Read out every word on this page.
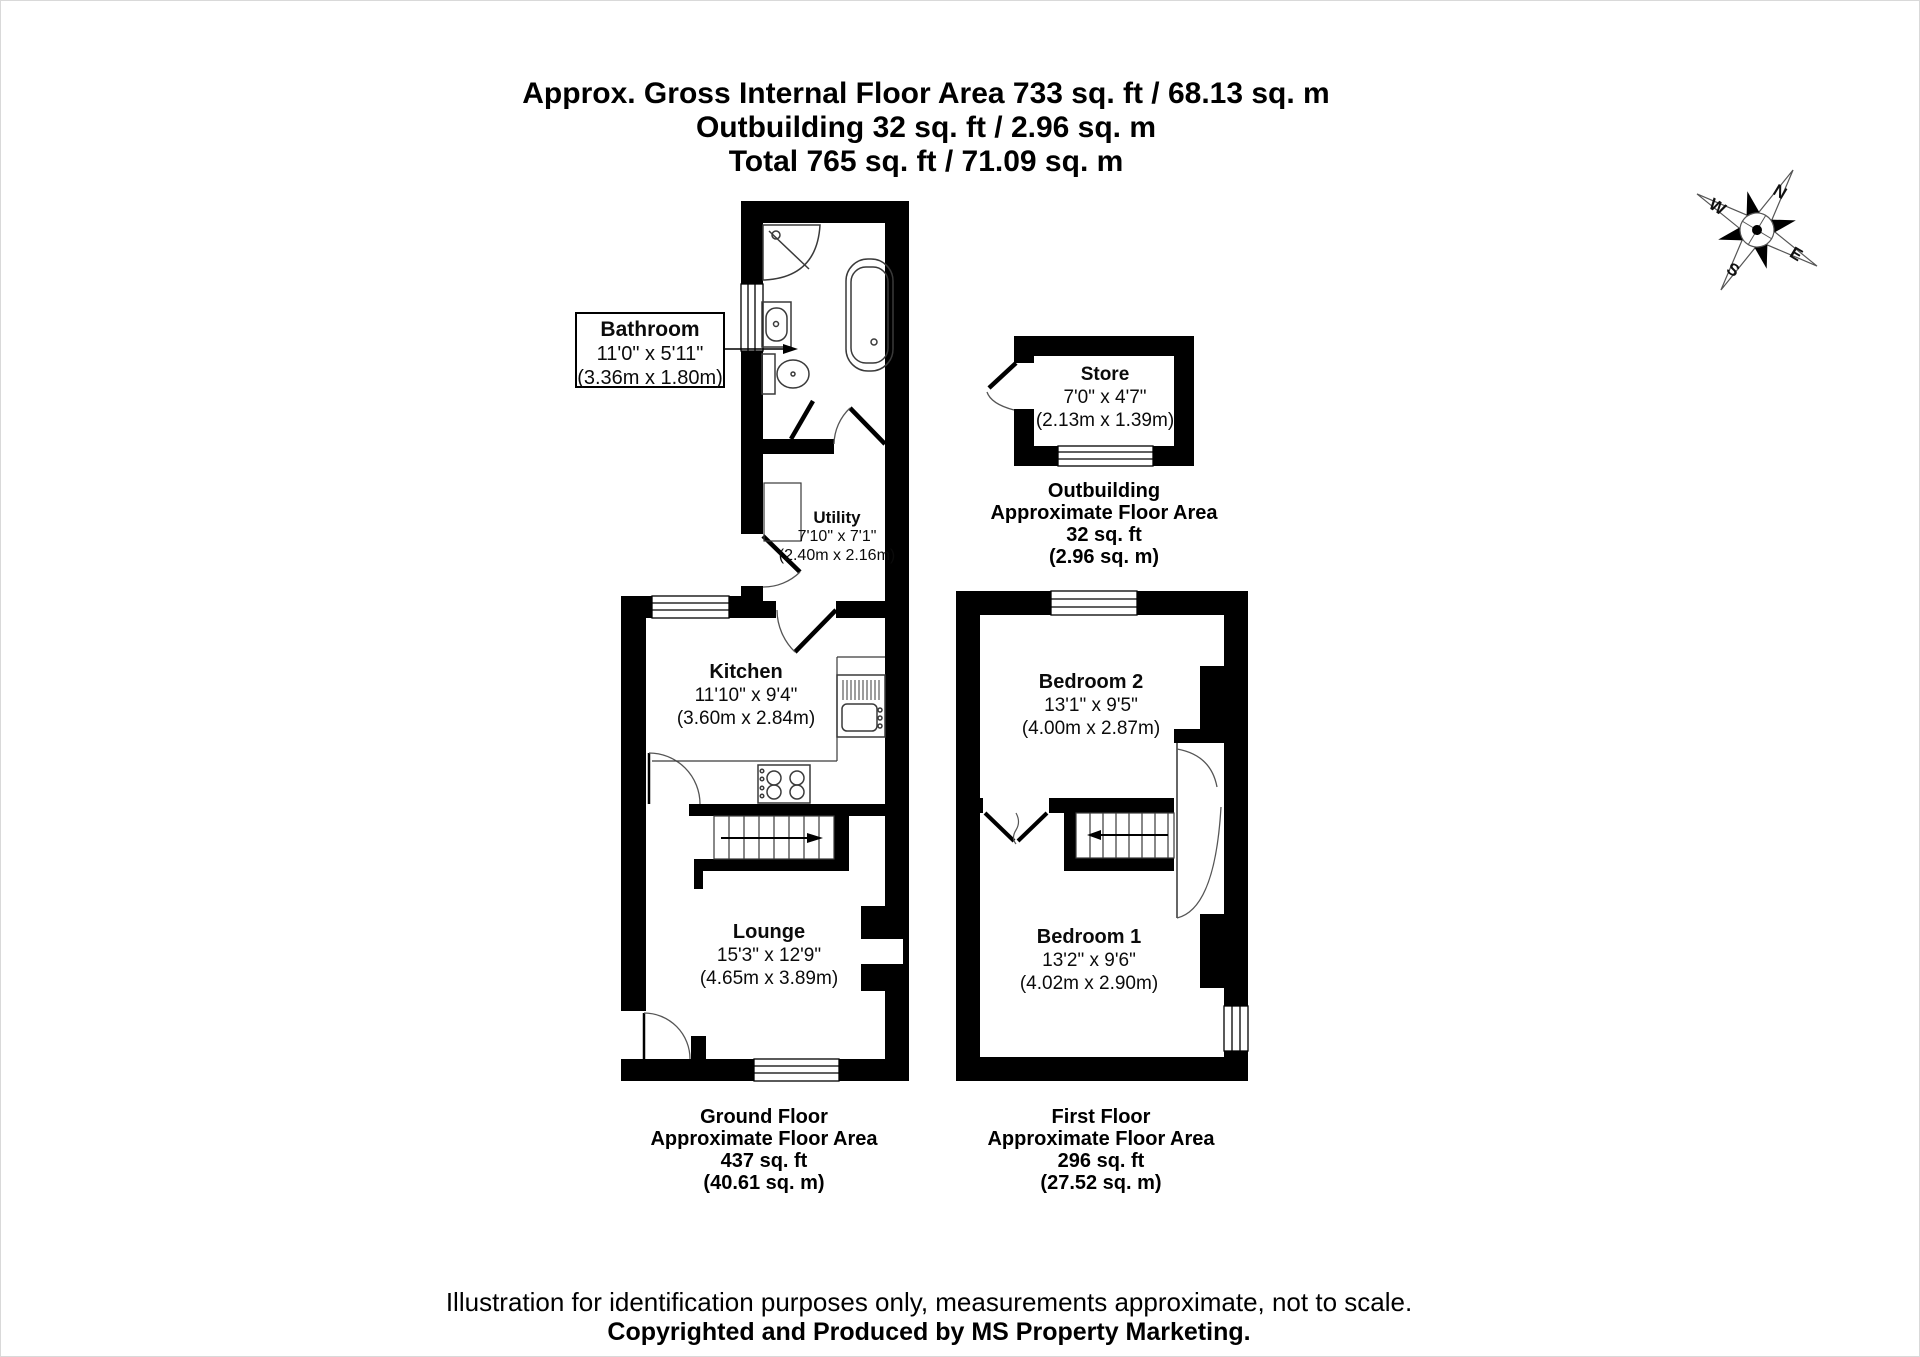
N
E
S
W
Approx. Gross Internal Floor Area 733 sq. ft / 68.13 sq. m
Outbuilding 32 sq. ft / 2.96 sq. m
Total 765 sq. ft / 71.09 sq. m
Bathroom
11'0" x 5'11"
(3.36m x 1.80m)	Store
7'0" x 4'7"
(2.13m x 1.39m)
Utility
7'10" x 7'1"
(2.40m x 2.16m)
Kitchen
11'10" x 9'4"
(3.60m x 2.84m)
Bedroom 2
13'1" x 9'5"
(4.00m x 2.87m)
Lounge
15'3" x 12'9"
(4.65m x 3.89m)
Bedroom 1
13'2" x 9'6"
(4.02m x 2.90m)
Outbuilding
Approximate Floor Area
32 sq. ft
(2.96 sq. m)
Ground Floor
Approximate Floor Area
437 sq. ft
(40.61 sq. m)
First Floor
Approximate Floor Area
296 sq. ft
(27.52 sq. m)
Illustration for identification purposes only, measurements approximate, not to scale.
Copyrighted and Produced by MS Property Marketing.
